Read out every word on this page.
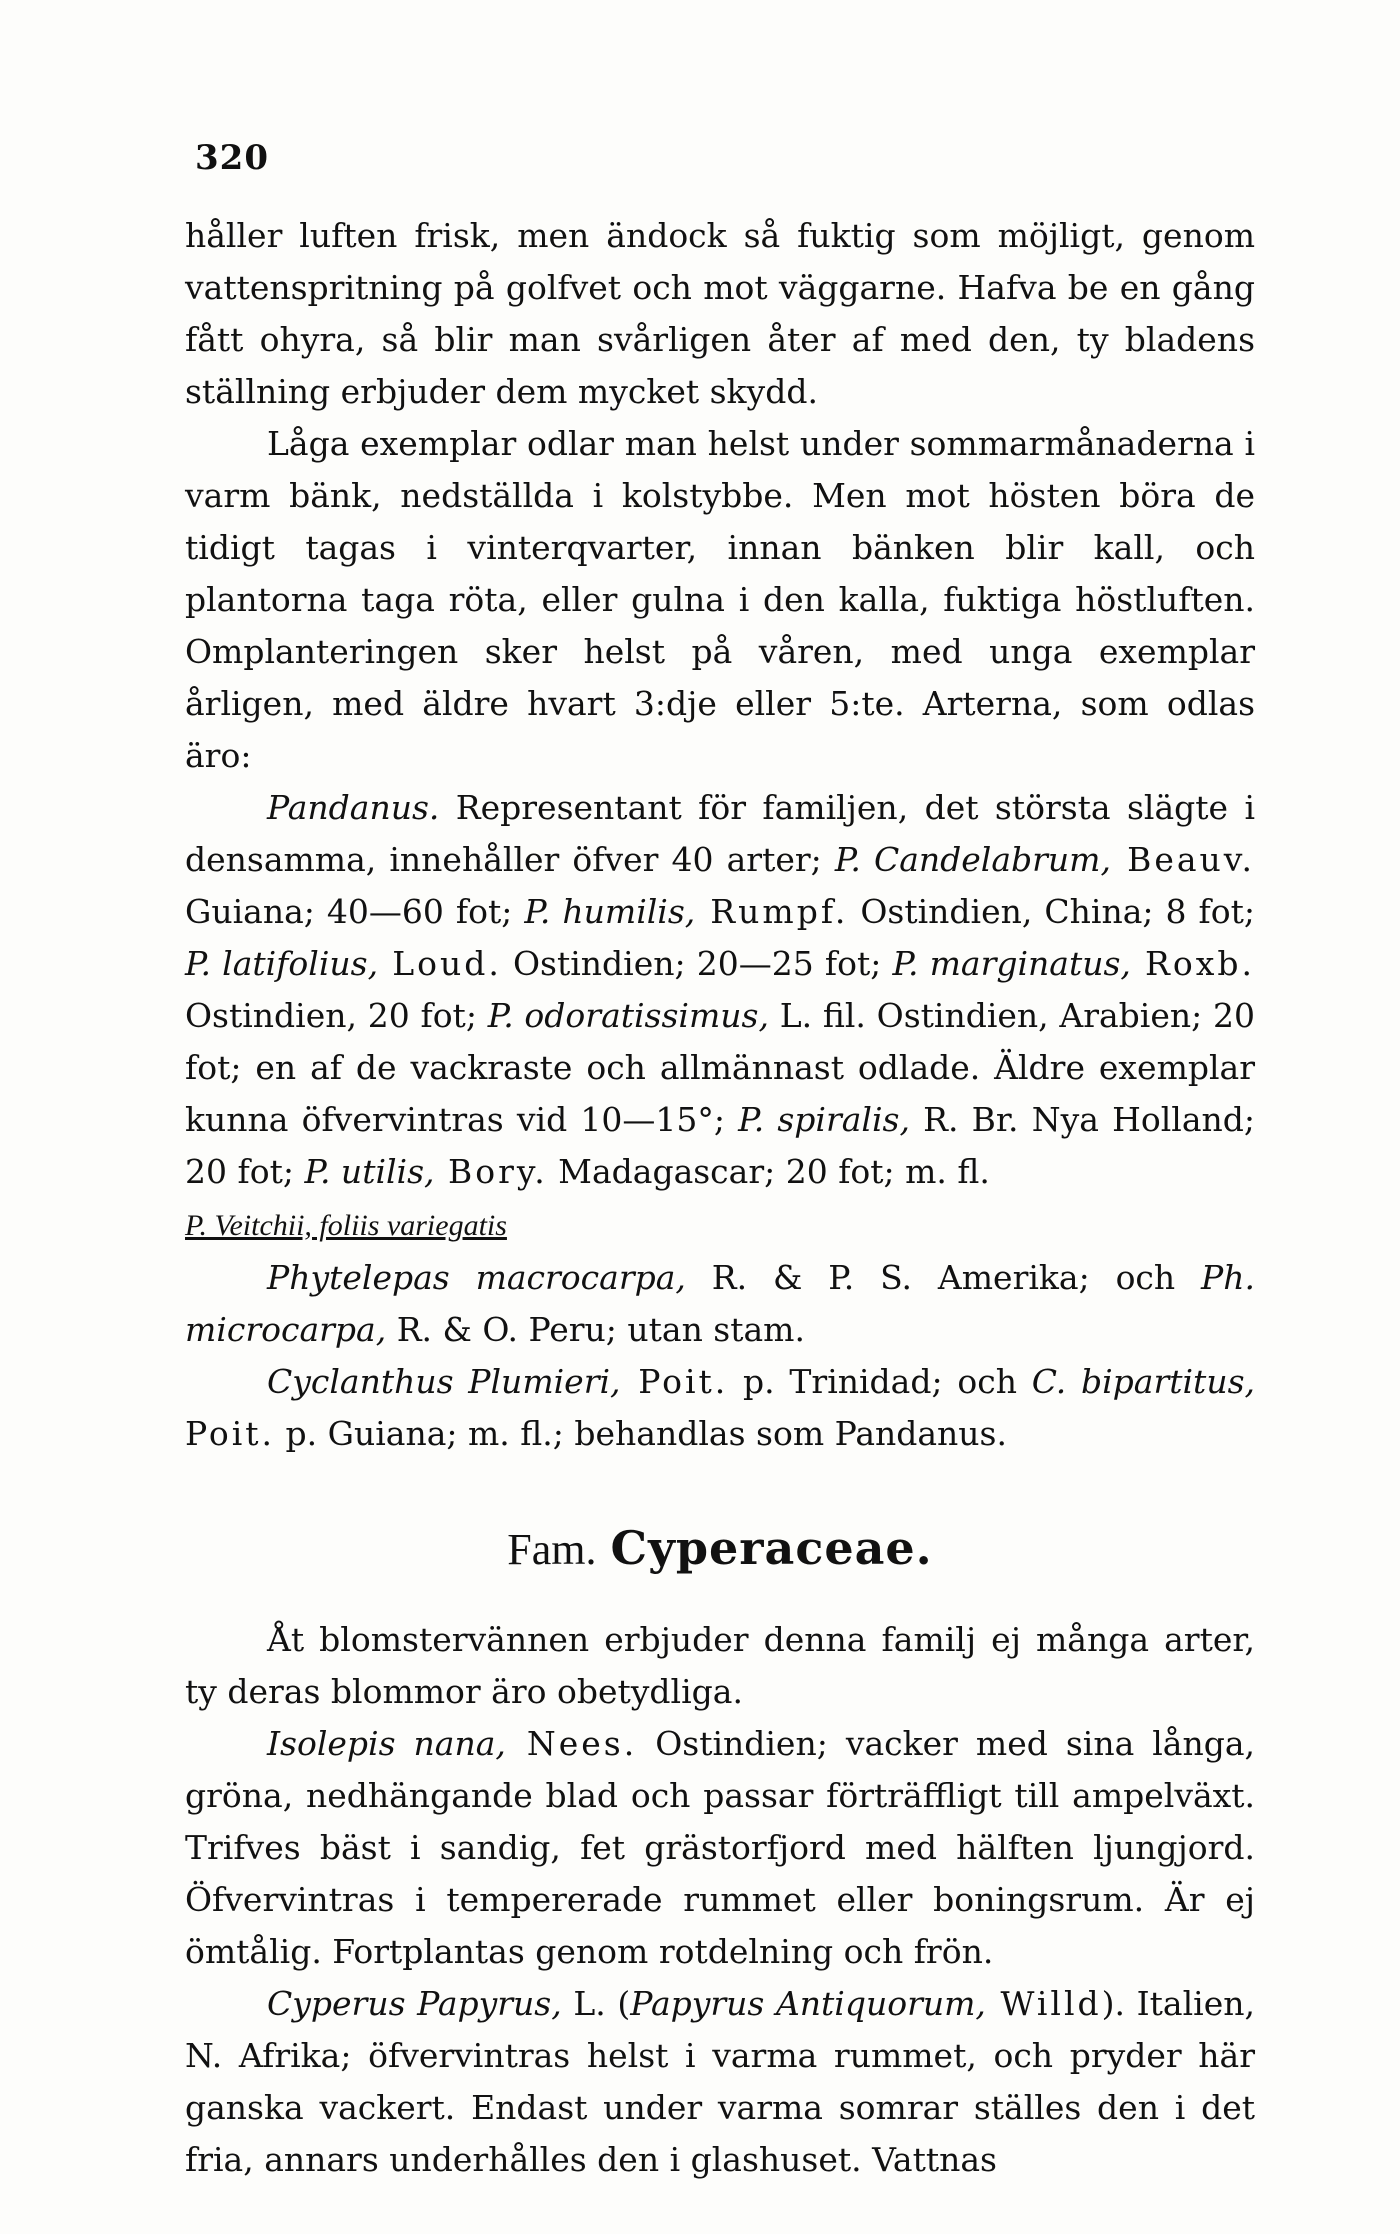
320

håller luften frisk, men ändock så fuktig som möjligt, genom vattenspritning på golfvet och mot väggarne. Hafva be en gång fått ohyra, så blir man svårligen åter af med den, ty bladens ställning erbjuder dem mycket skydd.

Låga exemplar odlar man helst under sommarmånaderna i varm bänk, nedställda i kolstybbe. Men mot hösten böra de tidigt tagas i vinterqvarter, innan bänken blir kall, och plantorna taga röta, eller gulna i den kalla, fuktiga höstluften. Omplanteringen sker helst på våren, med unga exemplar årligen, med äldre hvart 3:dje eller 5:te. Arterna, som odlas äro:

Pandanus. Representant för familjen, det största slägte i densamma, innehåller öfver 40 arter; P. Candelabrum, Beauv. Guiana; 40—60 fot; P. humilis, Rumpf. Ostindien, China; 8 fot; P. latifolius, Loud. Ostindien; 20—25 fot; P. marginatus, Roxb. Ostindien, 20 fot; P. odoratissimus, L. fil. Ostindien, Arabien; 20 fot; en af de vackraste och allmännast odlade. Äldre exemplar kunna öfvervintras vid 10—15°; P. spiralis, R. Br. Nya Holland; 20 fot; P. utilis, Bory. Madagascar; 20 fot; m. fl.

P. Veitchii, foliis variegatis

Phytelepas macrocarpa, R. & P. S. Amerika; och Ph. microcarpa, R. & O. Peru; utan stam.

Cyclanthus Plumieri, Poit. p. Trinidad; och C. bipartitus, Poit. p. Guiana; m. fl.; behandlas som Pandanus.

Fam. Cyperaceae.

Åt blomstervännen erbjuder denna familj ej många arter, ty deras blommor äro obetydliga.

Isolepis nana, Nees. Ostindien; vacker med sina långa, gröna, nedhängande blad och passar förträffligt till ampelväxt. Trifves bäst i sandig, fet grästorfjord med hälften ljungjord. Öfvervintras i tempererade rummet eller boningsrum. Är ej ömtålig. Fortplantas genom rotdelning och frön.

Cyperus Papyrus, L. (Papyrus Antiquorum, Willd). Italien, N. Afrika; öfvervintras helst i varma rummet, och pryder här ganska vackert. Endast under varma somrar ställes den i det fria, annars underhålles den i glashuset. Vattnas
